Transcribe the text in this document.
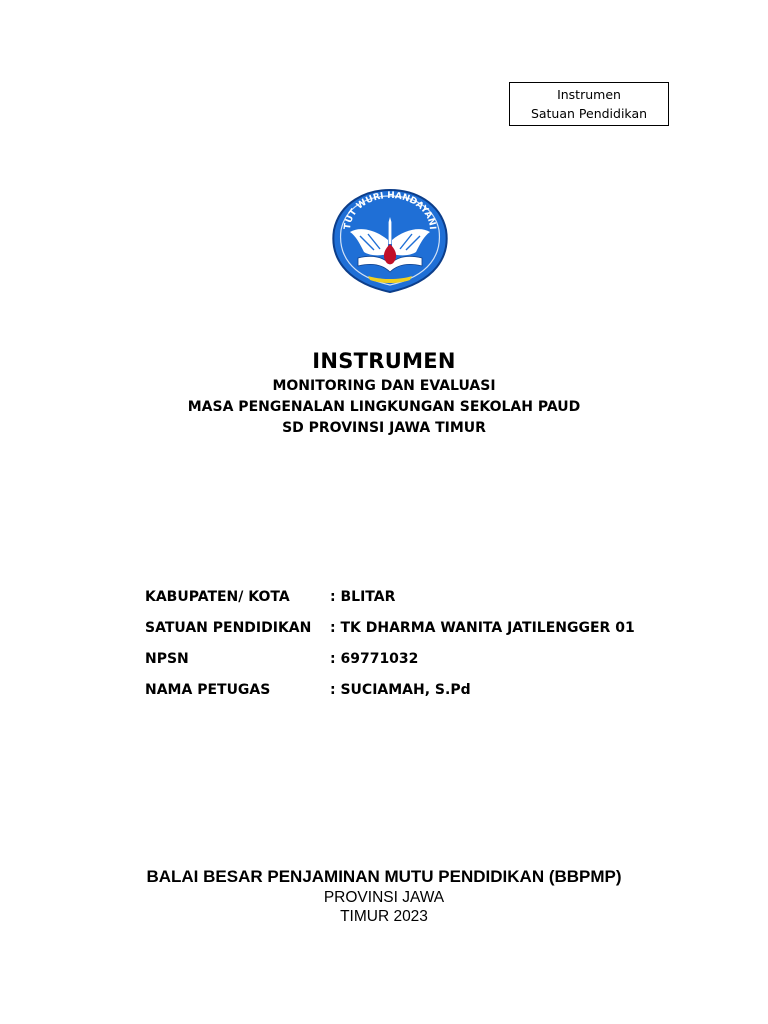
Instrumen
Satuan Pendidikan
TUT WURI HANDAYANI
INSTRUMEN
MONITORING DAN EVALUASI
MASA PENGENALAN LINGKUNGAN SEKOLAH PAUD
SD PROVINSI JAWA TIMUR
KABUPATEN/ KOTA	: BLITAR
SATUAN PENDIDIKAN	: TK DHARMA WANITA JATILENGGER 01
NPSN	: 69771032
NAMA PETUGAS	: SUCIAMAH, S.Pd
BALAI BESAR PENJAMINAN MUTU PENDIDIKAN (BBPMP)
PROVINSI JAWA
TIMUR 2023
